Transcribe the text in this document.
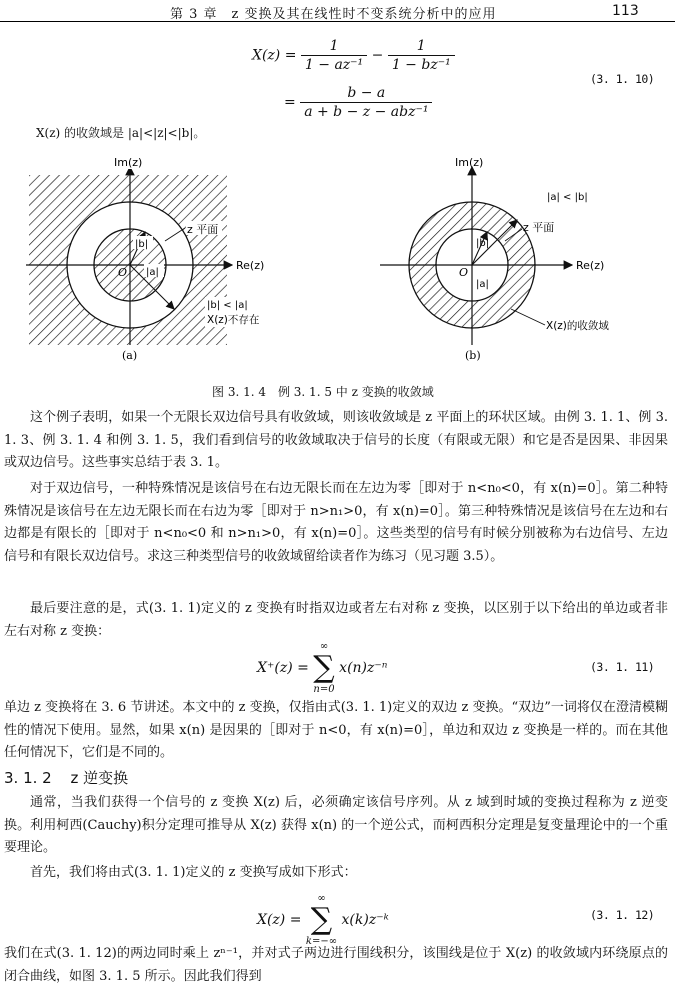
第 3 章　z 变换及其在线性时不变系统分析中的应用	113
$X(z) = \frac{1}{\text{1 − az⁻¹}} - \frac{1}{\text{1 − bz⁻¹}}$
= $\frac{b - a}{\text{a + b − z − abz⁻¹}}$
(3. 1. 10)
X(z) 的收敛域是 |a|<|z|<|b|。
Im(z)
z 平面
Re(z)
O
|b|
|a|
|b| < |a|
X(z)不存在
(a)
Im(z)
|a| < |b|
z 平面
Re(z)
O
|b|
|a|
X(z)的收敛域
(b)
图 3. 1. 4　例 3. 1. 5 中 z 变换的收敛域

这个例子表明，如果一个无限长双边信号具有收敛域，则该收敛域是 z 平面上的环状区域。由例 3. 1. 1、例 3. 1. 3、例 3. 1. 4 和例 3. 1. 5，我们看到信号的收敛域取决于信号的长度（有限或无限）和它是否是因果、非因果或双边信号。这些事实总结于表 3. 1。

对于双边信号，一种特殊情况是该信号在右边无限长而在左边为零［即对于 n<n₀<0，有 x(n)=0］。第二种特殊情况是该信号在左边无限长而在右边为零［即对于 n>n₁>0，有 x(n)=0］。第三种特殊情况是该信号在左边和右边都是有限长的［即对于 n<n₀<0 和 n>n₁>0，有 x(n)=0］。这些类型的信号有时候分别被称为右边信号、左边信号和有限长双边信号。求这三种类型信号的收敛域留给读者作为练习（见习题 3.5）。

最后要注意的是，式(3. 1. 1)定义的 z 变换有时指双边或者左右对称 z 变换，以区别于以下给出的单边或者非左右对称 z 变换：

X⁺(z) =
∞
∑
n=0
x(n)z⁻ⁿ	(3. 1. 11)

单边 z 变换将在 3. 6 节讲述。本文中的 z 变换，仅指由式(3. 1. 1)定义的双边 z 变换。“双边”一词将仅在澄清模糊性的情况下使用。显然，如果 x(n) 是因果的［即对于 n<0，有 x(n)=0］，单边和双边 z 变换是一样的。而在其他任何情况下，它们是不同的。

3. 1. 2 z 逆变换

通常，当我们获得一个信号的 z 变换 X(z) 后，必须确定该信号序列。从 z 域到时域的变换过程称为 z 逆变换。利用柯西(Cauchy)积分定理可推导从 X(z) 获得 x(n) 的一个逆公式，而柯西积分定理是复变量理论中的一个重要理论。

首先，我们将由式(3. 1. 1)定义的 z 变换写成如下形式：

X(z) =
∞
∑
k=−∞
x(k)z⁻ᵏ	(3. 1. 12)

我们在式(3. 1. 12)的两边同时乘上 zⁿ⁻¹，并对式子两边进行围线积分，该围线是位于 X(z) 的收敛域内环绕原点的闭合曲线，如图 3. 1. 5 所示。因此我们得到
